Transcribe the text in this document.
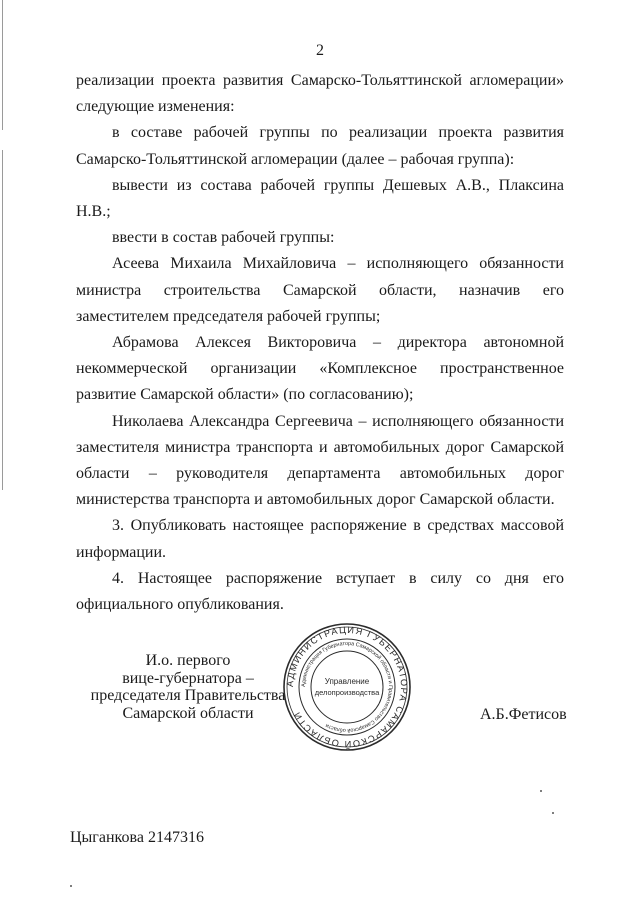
2

реализации проекта развития Самарско-Тольяттинской агломерации» следующие изменения:

в составе рабочей группы по реализации проекта развития Самарско-Тольяттинской агломерации (далее – рабочая группа):

вывести из состава рабочей группы Дешевых А.В., Плаксина Н.В.;

ввести в состав рабочей группы:

Асеева Михаила Михайловича – исполняющего обязанности министра строительства Самарской области, назначив его заместителем председателя рабочей группы;

Абрамова Алексея Викторовича – директора автономной некоммерческой организации «Комплексное пространственное развитие Самарской области» (по согласованию);

Николаева Александра Сергеевича – исполняющего обязанности заместителя министра транспорта и автомобильных дорог Самарской области – руководителя департамента автомобильных дорог министерства транспорта и автомобильных дорог Самарской области.

3. Опубликовать настоящее распоряжение в средствах массовой информации.

4. Настоящее распоряжение вступает в силу со дня его официального опубликования.

И.о. первого
вице-губернатора –
председателя Правительства
Самарской области
АДМИНИСТРАЦИЯ ГУБЕРНАТОРА САМАРСКОЙ ОБЛАСТИ
Администрация Губернатора Самарской области и Правительство Самарской области
Управление
делопроизводства
А.Б.Фетисов
Цыганкова 2147316
